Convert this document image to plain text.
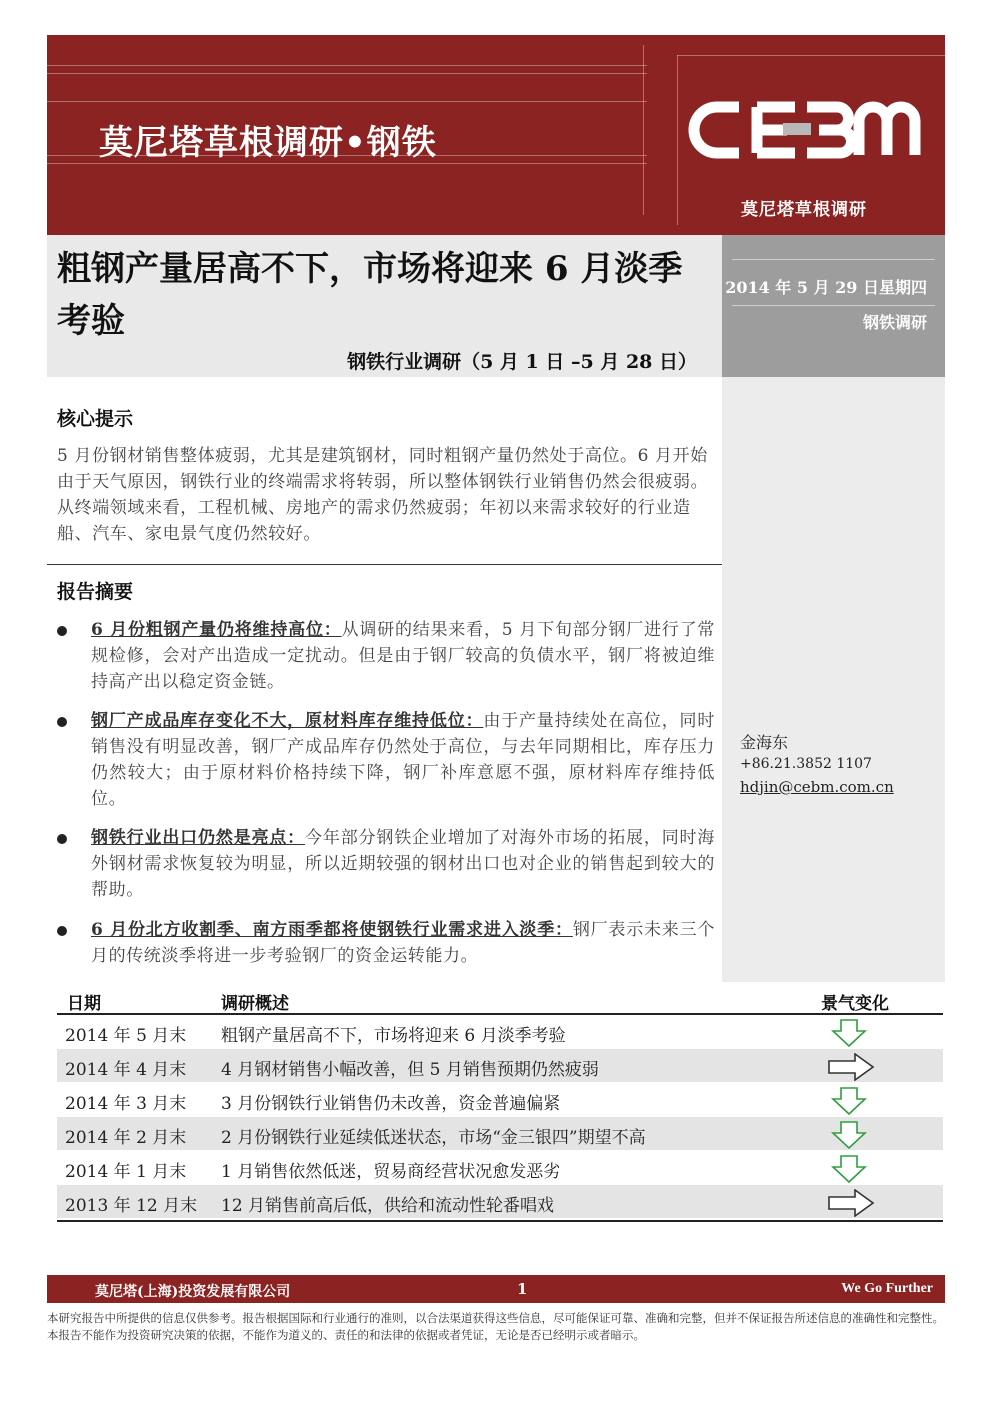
莫尼塔草根调研•钢铁
莫尼塔草根调研
粗钢产量居高不下，市场将迎来 6 月淡季考验
钢铁行业调研（5 月 1 日 –5 月 28 日）
2014 年 5 月 29 日星期四
钢铁调研
金海东
+86.21.3852 1107
hdjin@cebm.com.cn
核心提示
5 月份钢材销售整体疲弱，尤其是建筑钢材，同时粗钢产量仍然处于高位。6 月开始由于天气原因，钢铁行业的终端需求将转弱，所以整体钢铁行业销售仍然会很疲弱。从终端领域来看，工程机械、房地产的需求仍然疲弱；年初以来需求较好的行业造船、汽车、家电景气度仍然较好。
报告摘要
6 月份粗钢产量仍将维持高位：从调研的结果来看，5 月下旬部分钢厂进行了常规检修，会对产出造成一定扰动。但是由于钢厂较高的负债水平，钢厂将被迫维持高产出以稳定资金链。
钢厂产成品库存变化不大，原材料库存维持低位：由于产量持续处在高位，同时销售没有明显改善，钢厂产成品库存仍然处于高位，与去年同期相比，库存压力仍然较大；由于原材料价格持续下降，钢厂补库意愿不强，原材料库存维持低位。
钢铁行业出口仍然是亮点：今年部分钢铁企业增加了对海外市场的拓展，同时海外钢材需求恢复较为明显，所以近期较强的钢材出口也对企业的销售起到较大的帮助。
6 月份北方收割季、南方雨季都将使钢铁行业需求进入淡季：钢厂表示未来三个月的传统淡季将进一步考验钢厂的资金运转能力。
日期	调研概述	景气变化
2014 年 5 月末 粗钢产量居高不下，市场将迎来 6 月淡季考验
2014 年 4 月末 4 月钢材销售小幅改善，但 5 月销售预期仍然疲弱
2014 年 3 月末 3 月份钢铁行业销售仍未改善，资金普遍偏紧
2014 年 2 月末 2 月份钢铁行业延续低迷状态，市场“金三银四”期望不高
2014 年 1 月末 1 月销售依然低迷，贸易商经营状况愈发恶劣
2013 年 12 月末 12 月销售前高后低，供给和流动性轮番唱戏
莫尼塔(上海)投资发展有限公司	1	We Go Further
本研究报告中所提供的信息仅供参考。报告根据国际和行业通行的准则，以合法渠道获得这些信息，尽可能保证可靠、准确和完整，但并不保证报告所述信息的准确性和完整性。本报告不能作为投资研究决策的依据，不能作为道义的、责任的和法律的依据或者凭证，无论是否已经明示或者暗示。
